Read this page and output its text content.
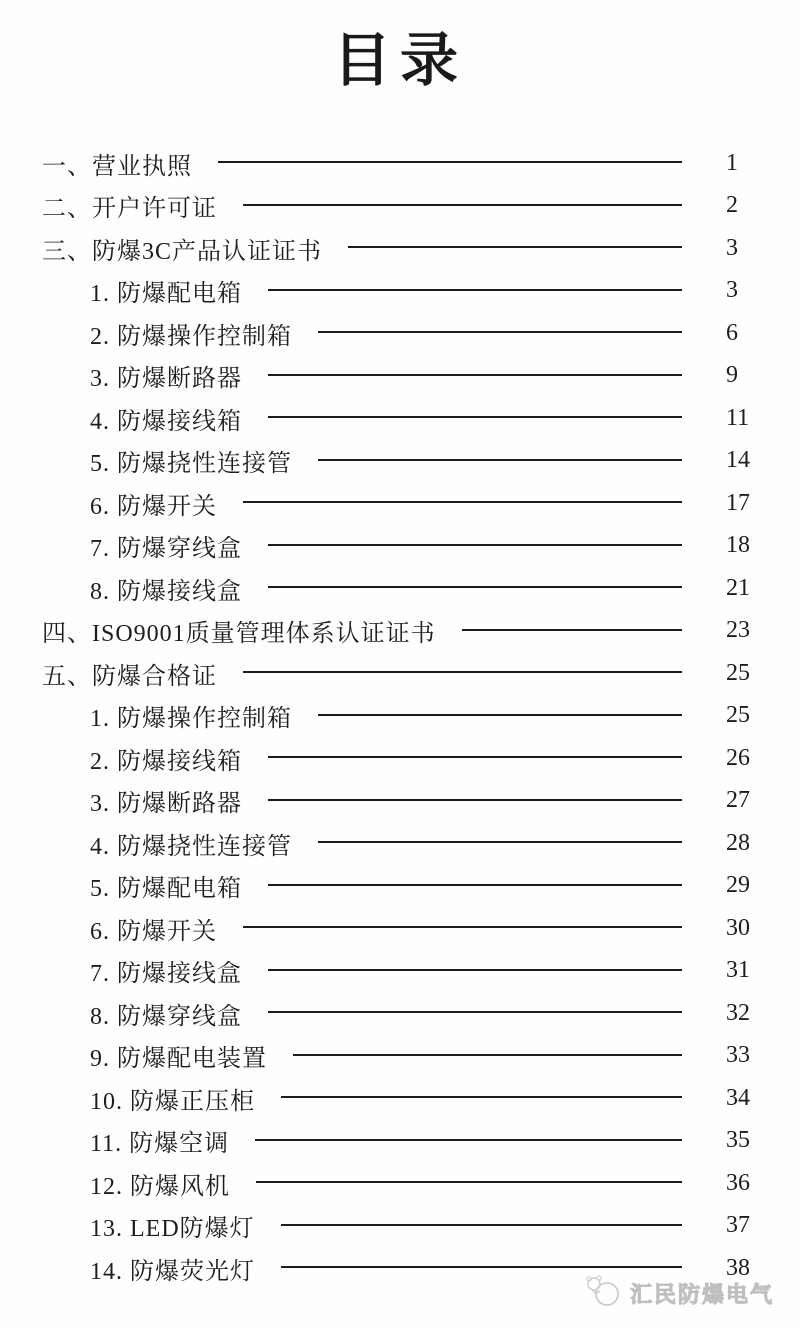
目录
一、营业执照	1
二、开户许可证	2
三、防爆3C产品认证证书	3
1. 防爆配电箱	3
2. 防爆操作控制箱	6
3. 防爆断路器	9
4. 防爆接线箱	11
5. 防爆挠性连接管	14
6. 防爆开关	17
7. 防爆穿线盒	18
8. 防爆接线盒	21
四、ISO9001质量管理体系认证证书	23
五、防爆合格证	25
1. 防爆操作控制箱	25
2. 防爆接线箱	26
3. 防爆断路器	27
4. 防爆挠性连接管	28
5. 防爆配电箱	29
6. 防爆开关	30
7. 防爆接线盒	31
8. 防爆穿线盒	32
9. 防爆配电装置	33
10. 防爆正压柜	34
11. 防爆空调	35
12. 防爆风机	36
13. LED防爆灯	37
14. 防爆荧光灯	38
汇民防爆电气
